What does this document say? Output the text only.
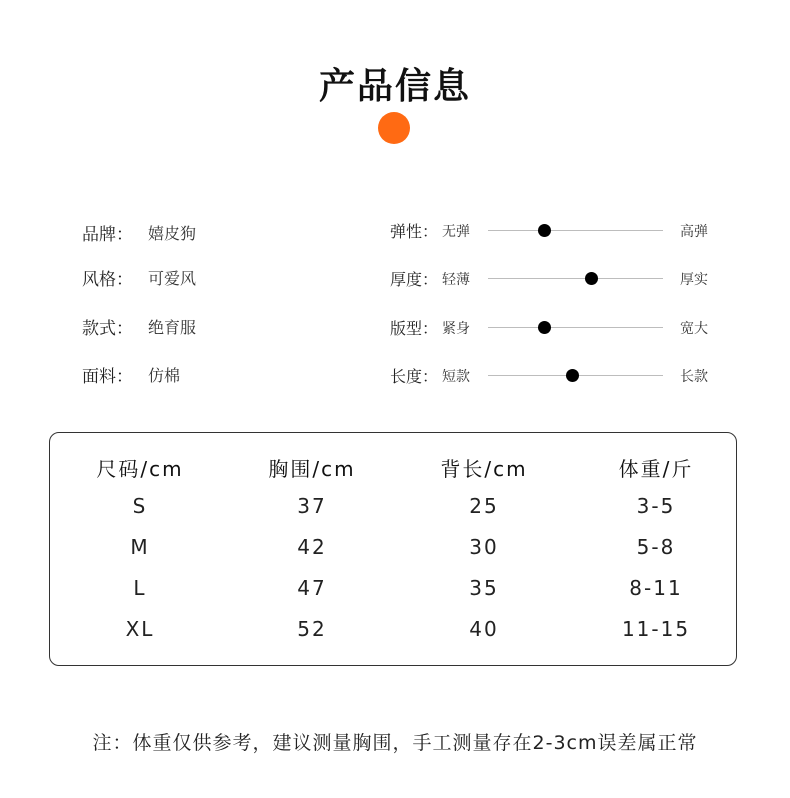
产品信息
品牌： 嬉皮狗
风格： 可爱风
款式： 绝育服
面料： 仿棉
弹性： 无弹	高弹
厚度： 轻薄	厚实
版型： 紧身	宽大
长度： 短款	长款
尺码/cm	胸围/cm	背长/cm	体重/斤
S	37	25	3-5
M	42	30	5-8
L	47	35	8-11
XL	52	40	11-15
注：体重仅供参考，建议测量胸围，手工测量存在2-3cm误差属正常
